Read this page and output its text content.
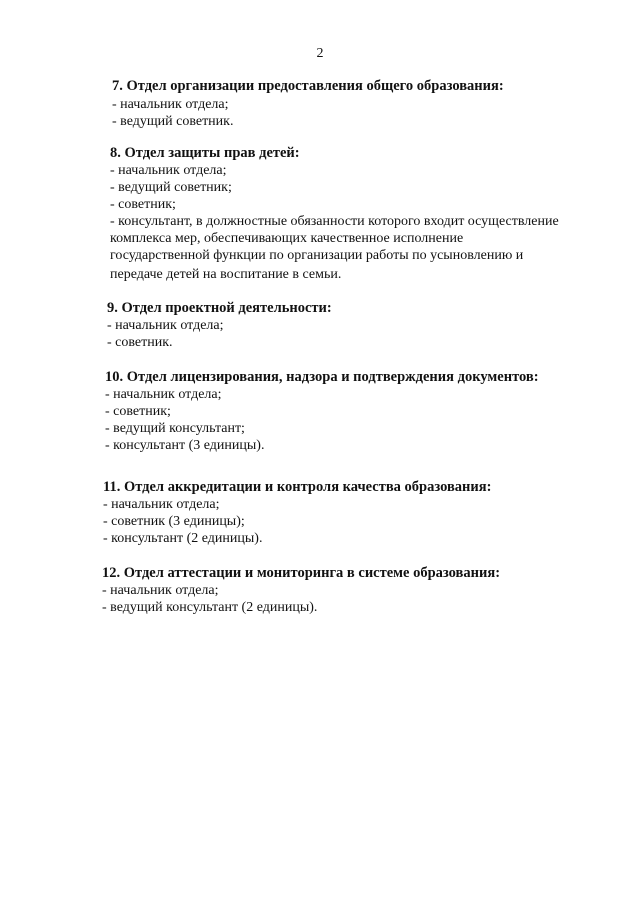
2
7. Отдел организации предоставления общего образования:
- начальник отдела;
- ведущий советник.
8. Отдел защиты прав детей:
- начальник отдела;
- ведущий советник;
- советник;
- консультант, в должностные обязанности которого входит осуществление
комплекса мер, обеспечивающих качественное исполнение
государственной функции по организации работы по усыновлению и
передаче детей на воспитание в семьи.
9. Отдел проектной деятельности:
- начальник отдела;
- советник.
10. Отдел лицензирования, надзора и подтверждения документов:
- начальник отдела;
- советник;
- ведущий консультант;
- консультант (3 единицы).
11. Отдел аккредитации и контроля качества образования:
- начальник отдела;
- советник (3 единицы);
- консультант (2 единицы).
12. Отдел аттестации и мониторинга в системе образования:
- начальник отдела;
- ведущий консультант (2 единицы).
